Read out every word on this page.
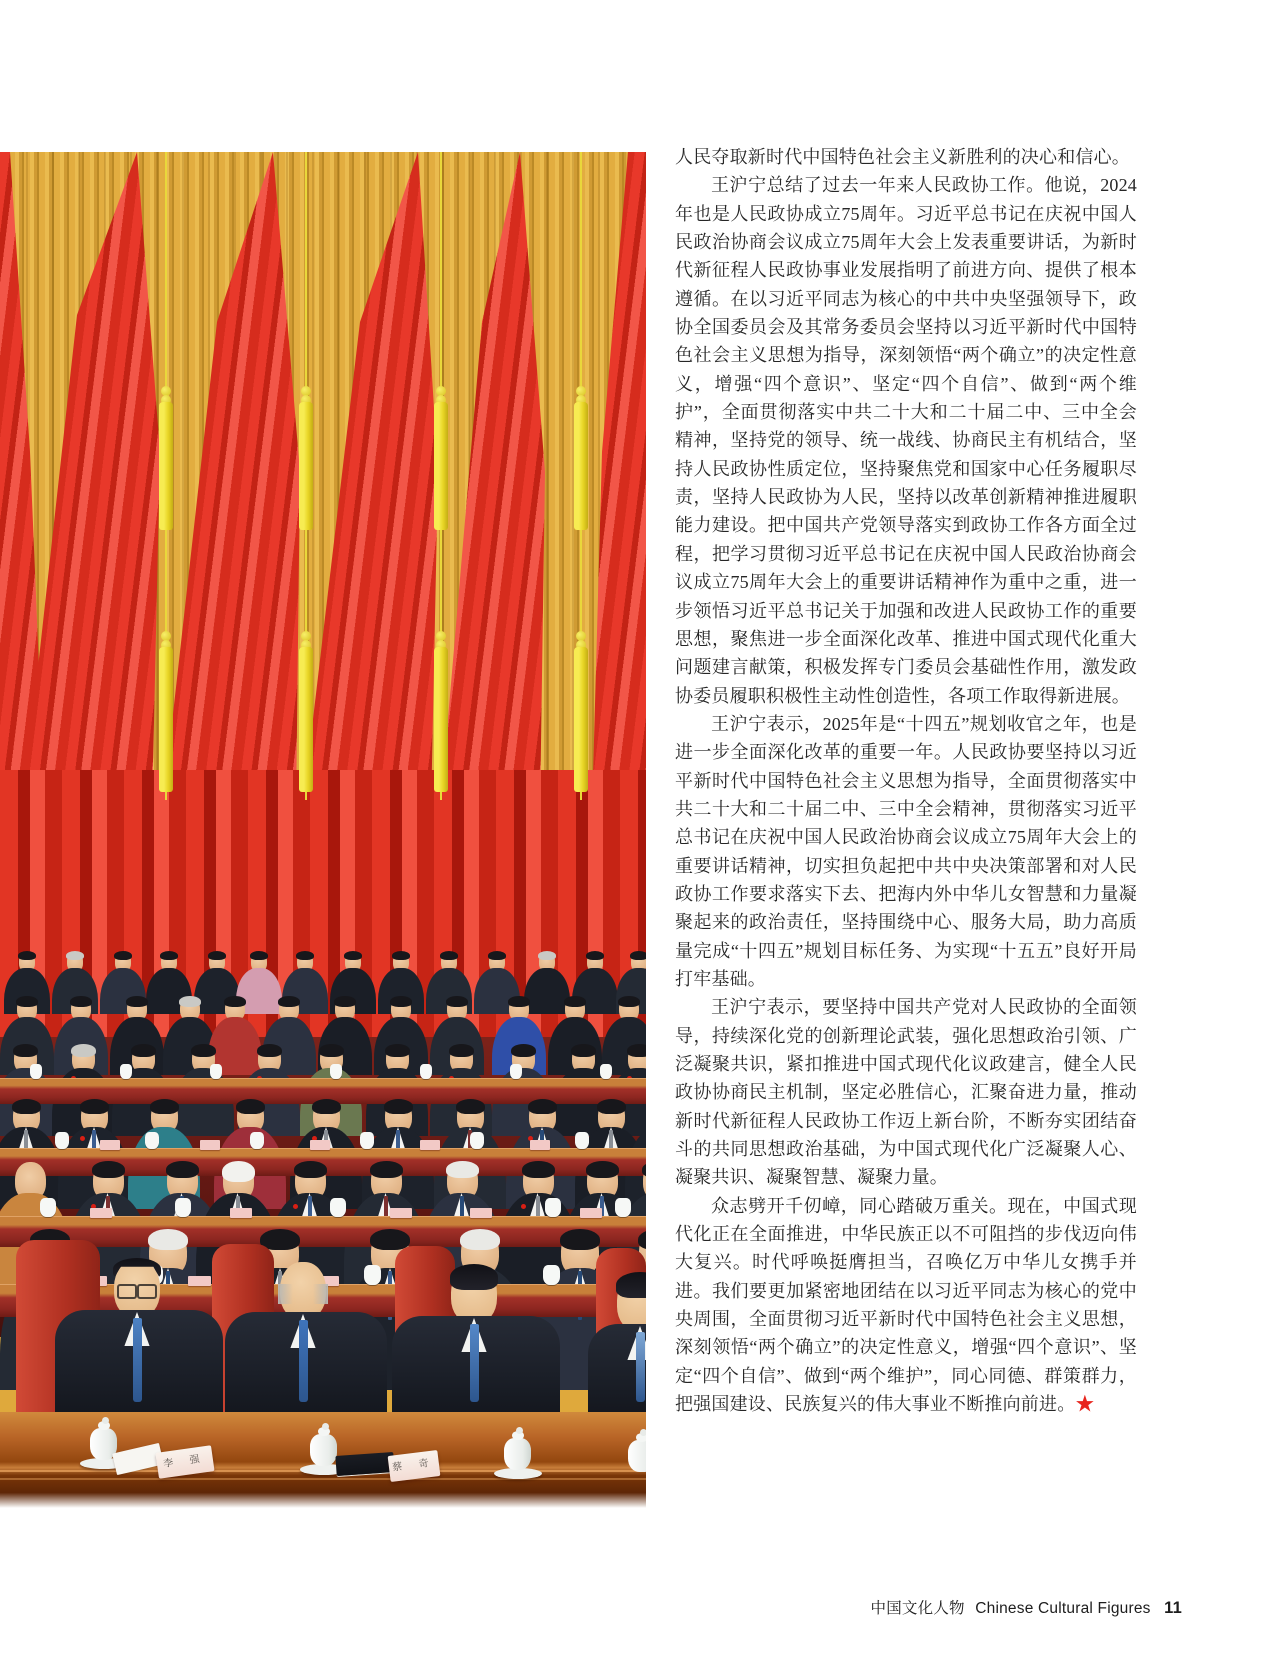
李 强	蔡 奇

人民夺取新时代中国特色社会主义新胜利的决心和信心。

王沪宁总结了过去一年来人民政协工作。他说，2024年也是人民政协成立75周年。习近平总书记在庆祝中国人民政治协商会议成立75周年大会上发表重要讲话，为新时代新征程人民政协事业发展指明了前进方向、提供了根本遵循。在以习近平同志为核心的中共中央坚强领导下，政协全国委员会及其常务委员会坚持以习近平新时代中国特色社会主义思想为指导，深刻领悟“两个确立”的决定性意义，增强“四个意识”、坚定“四个自信”、做到“两个维护”，全面贯彻落实中共二十大和二十届二中、三中全会精神，坚持党的领导、统一战线、协商民主有机结合，坚持人民政协性质定位，坚持聚焦党和国家中心任务履职尽责，坚持人民政协为人民，坚持以改革创新精神推进履职能力建设。把中国共产党领导落实到政协工作各方面全过程，把学习贯彻习近平总书记在庆祝中国人民政治协商会议成立75周年大会上的重要讲话精神作为重中之重，进一步领悟习近平总书记关于加强和改进人民政协工作的重要思想，聚焦进一步全面深化改革、推进中国式现代化重大问题建言献策，积极发挥专门委员会基础性作用，激发政协委员履职积极性主动性创造性，各项工作取得新进展。

王沪宁表示，2025年是“十四五”规划收官之年，也是进一步全面深化改革的重要一年。人民政协要坚持以习近平新时代中国特色社会主义思想为指导，全面贯彻落实中共二十大和二十届二中、三中全会精神，贯彻落实习近平总书记在庆祝中国人民政治协商会议成立75周年大会上的重要讲话精神，切实担负起把中共中央决策部署和对人民政协工作要求落实下去、把海内外中华儿女智慧和力量凝聚起来的政治责任，坚持围绕中心、服务大局，助力高质量完成“十四五”规划目标任务、为实现“十五五”良好开局打牢基础。

王沪宁表示，要坚持中国共产党对人民政协的全面领导，持续深化党的创新理论武装，强化思想政治引领、广泛凝聚共识，紧扣推进中国式现代化议政建言，健全人民政协协商民主机制，坚定必胜信心，汇聚奋进力量，推动新时代新征程人民政协工作迈上新台阶，不断夯实团结奋斗的共同思想政治基础，为中国式现代化广泛凝聚人心、凝聚共识、凝聚智慧、凝聚力量。

众志劈开千仞嶂，同心踏破万重关。现在，中国式现代化正在全面推进，中华民族正以不可阻挡的步伐迈向伟大复兴。时代呼唤挺膺担当，召唤亿万中华儿女携手并进。我们要更加紧密地团结在以习近平同志为核心的党中央周围，全面贯彻习近平新时代中国特色社会主义思想，深刻领悟“两个确立”的决定性意义，增强“四个意识”、坚定“四个自信”、做到“两个维护”，同心同德、群策群力，把强国建设、民族复兴的伟大事业不断推向前进。★

中国文化人物 Chinese Cultural Figures 11
